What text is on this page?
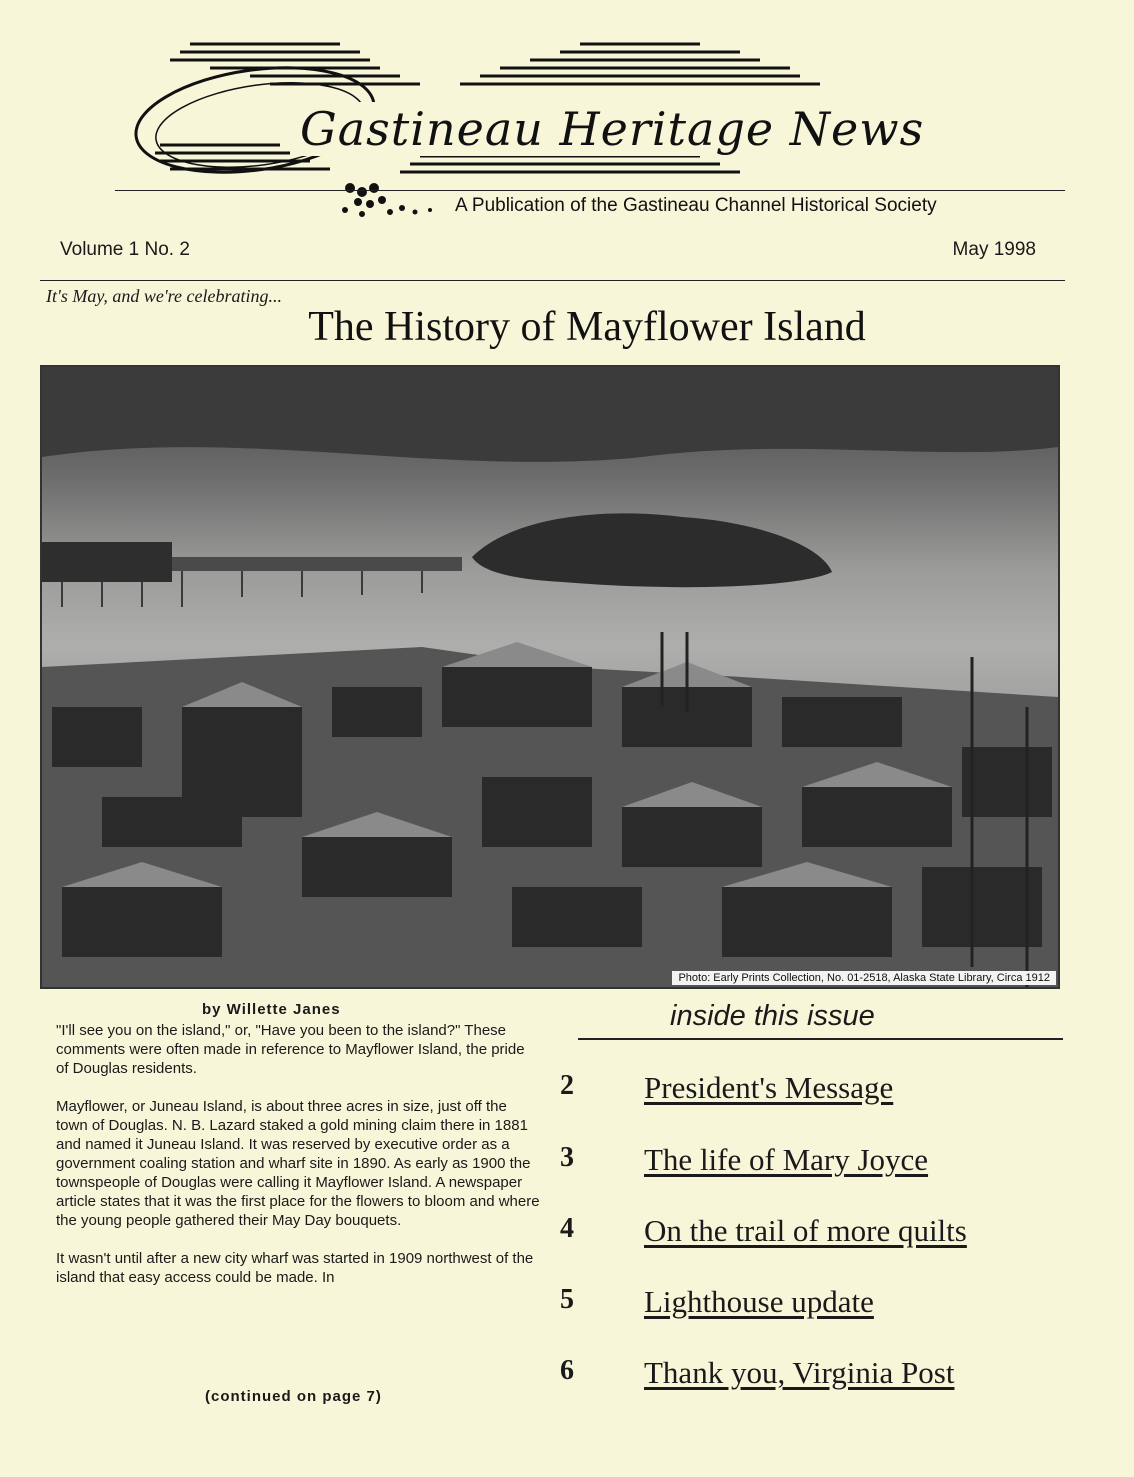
Gastineau Heritage News
A Publication of the Gastineau Channel Historical Society
Volume 1 No. 2	May 1998
It's May, and we're celebrating...
The History of Mayflower Island
Photo: Early Prints Collection, No. 01-2518, Alaska State Library, Circa 1912
by Willette Janes

"I'll see you on the island," or, "Have you been to the island?" These comments were often made in reference to Mayflower Island, the pride of Douglas residents.

Mayflower, or Juneau Island, is about three acres in size, just off the town of Douglas. N. B. Lazard staked a gold mining claim there in 1881 and named it Juneau Island. It was reserved by executive order as a government coaling station and wharf site in 1890. As early as 1900 the townspeople of Douglas were calling it Mayflower Island. A newspaper article states that it was the first place for the flowers to bloom and where the young people gathered their May Day bouquets.

It wasn't until after a new city wharf was started in 1909 northwest of the island that easy access could be made. In

(continued on page 7)
inside this issue
2 President's Message
3 The life of Mary Joyce
4 On the trail of more quilts
5 Lighthouse update
6 Thank you, Virginia Post
